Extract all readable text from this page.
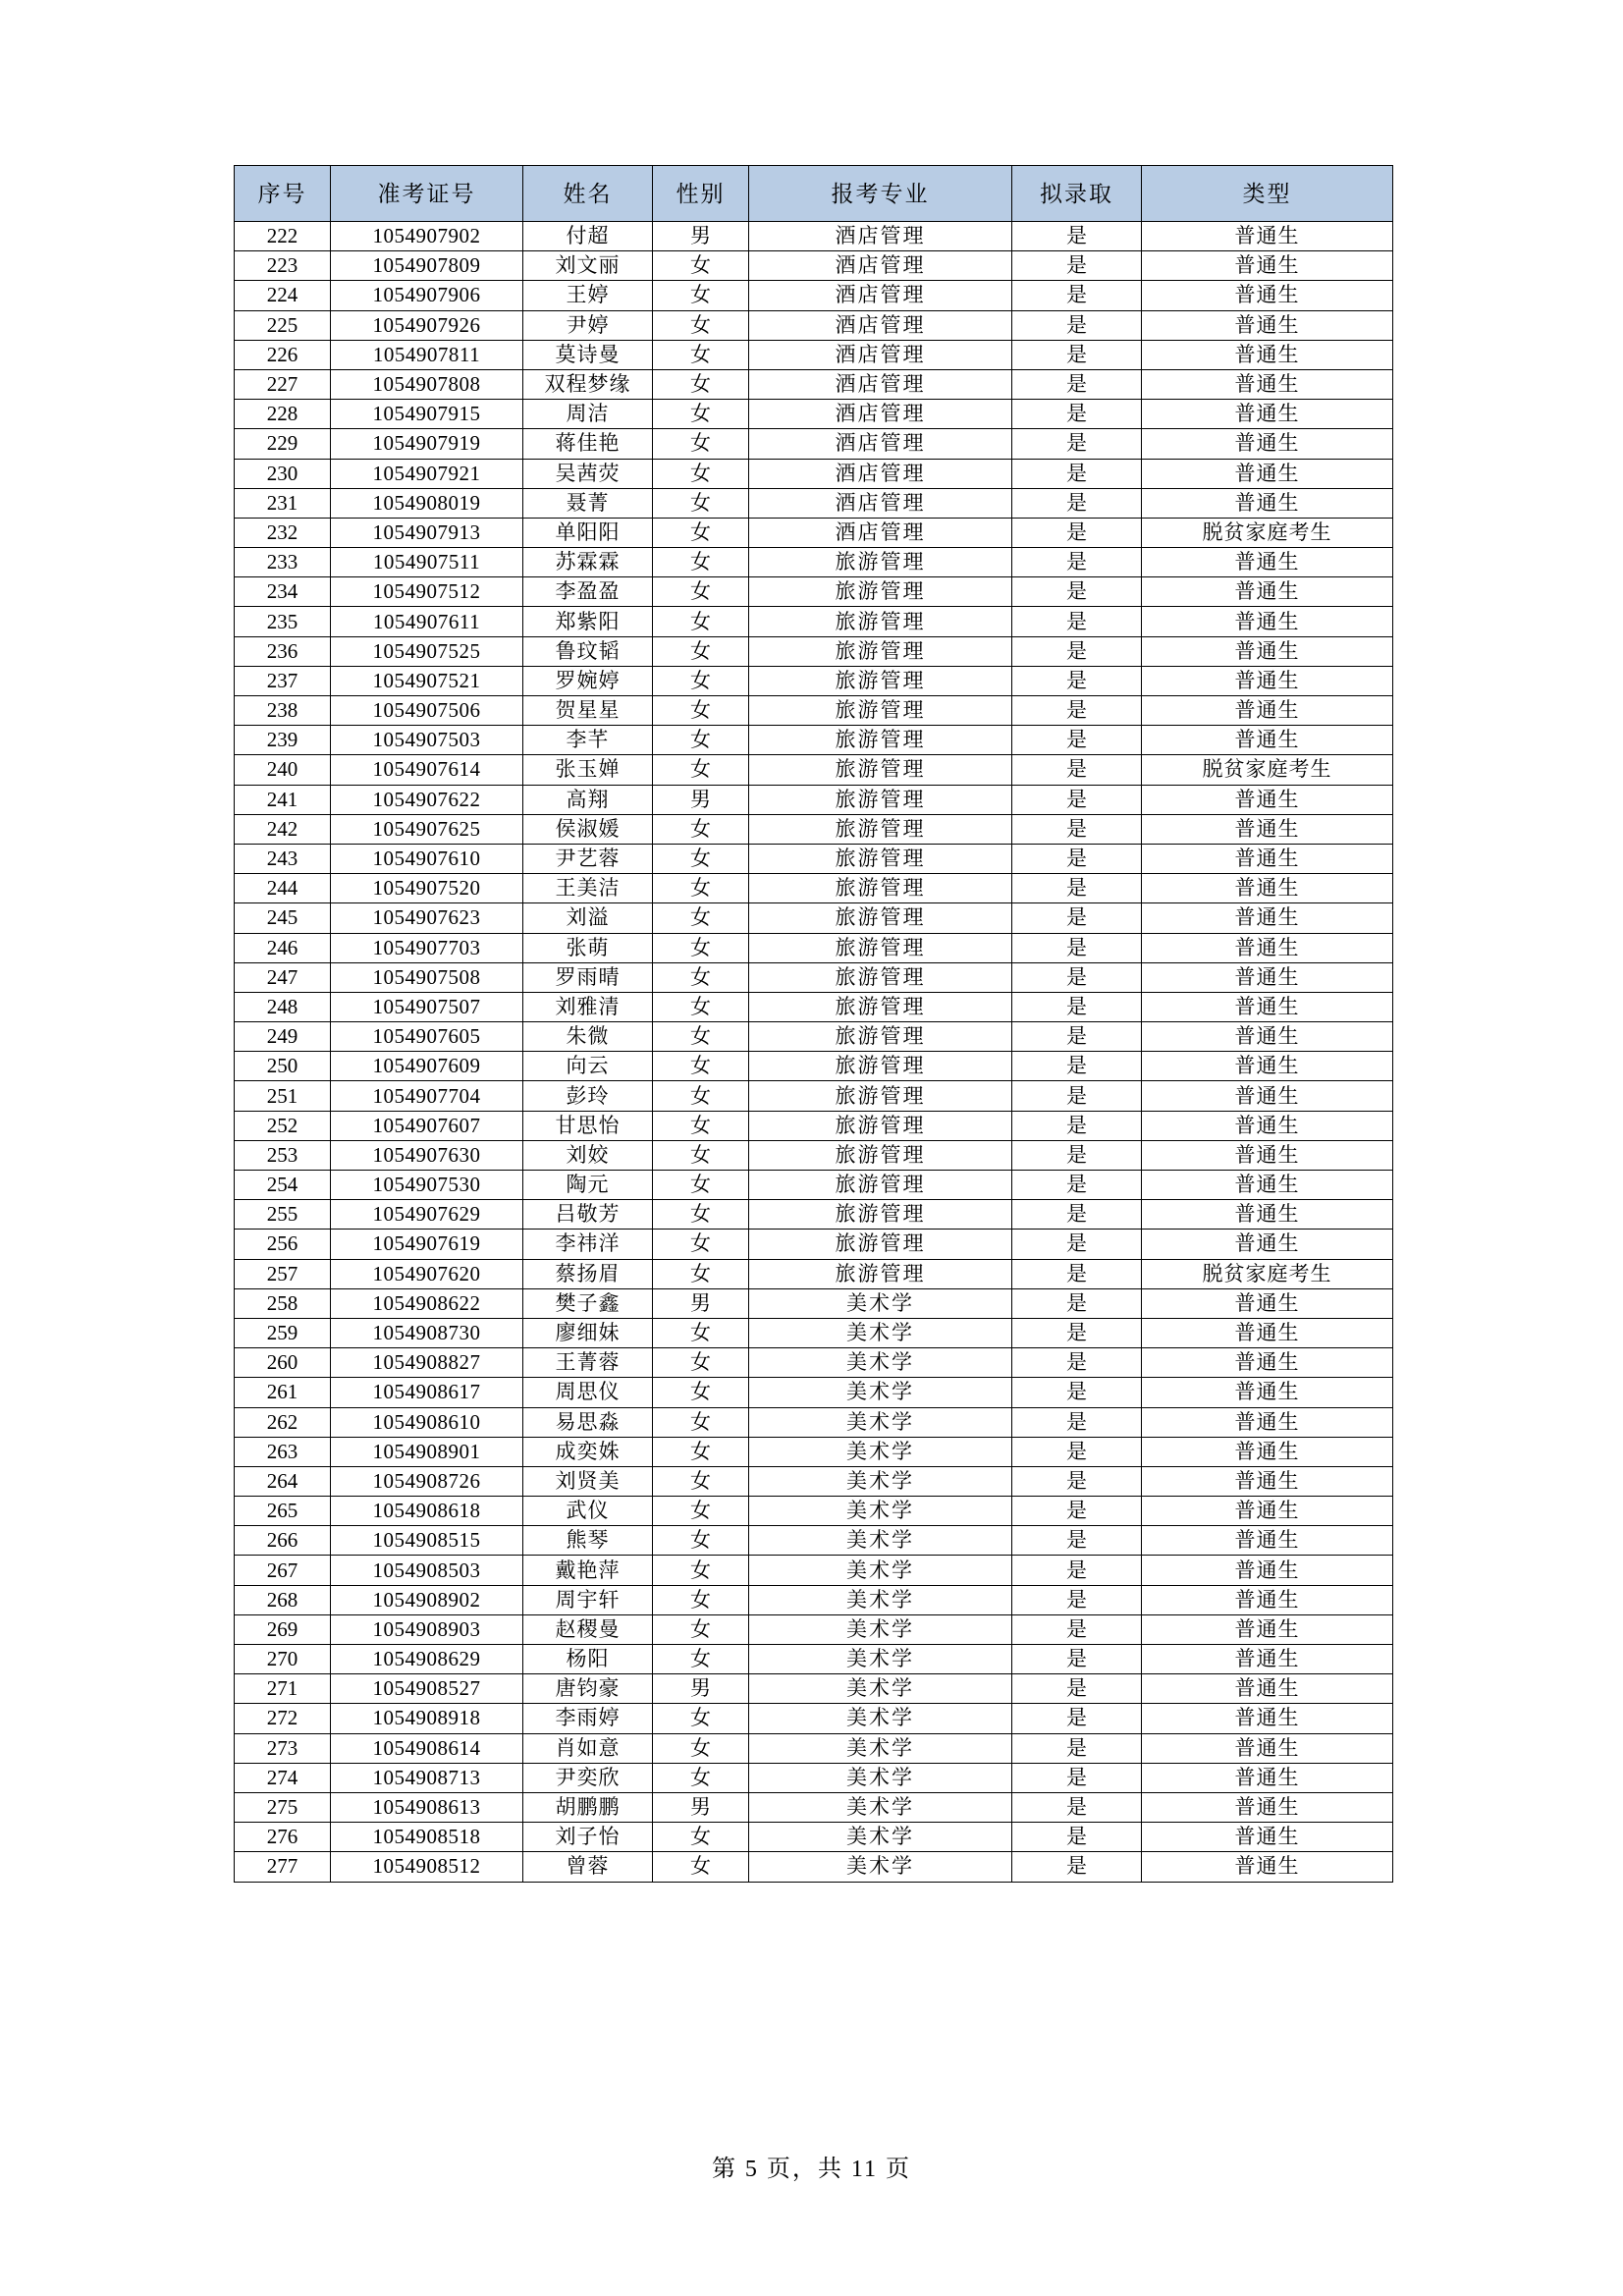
序号	准考证号	姓名	性别	报考专业	拟录取	类型
222	1054907902	付超	男	酒店管理	是	普通生
223	1054907809	刘文丽	女	酒店管理	是	普通生
224	1054907906	王婷	女	酒店管理	是	普通生
225	1054907926	尹婷	女	酒店管理	是	普通生
226	1054907811	莫诗曼	女	酒店管理	是	普通生
227	1054907808	双程梦缘	女	酒店管理	是	普通生
228	1054907915	周洁	女	酒店管理	是	普通生
229	1054907919	蒋佳艳	女	酒店管理	是	普通生
230	1054907921	吴茜荧	女	酒店管理	是	普通生
231	1054908019	聂菁	女	酒店管理	是	普通生
232	1054907913	单阳阳	女	酒店管理	是	脱贫家庭考生
233	1054907511	苏霖霖	女	旅游管理	是	普通生
234	1054907512	李盈盈	女	旅游管理	是	普通生
235	1054907611	郑紫阳	女	旅游管理	是	普通生
236	1054907525	鲁玟韬	女	旅游管理	是	普通生
237	1054907521	罗婉婷	女	旅游管理	是	普通生
238	1054907506	贺星星	女	旅游管理	是	普通生
239	1054907503	李芊	女	旅游管理	是	普通生
240	1054907614	张玉婵	女	旅游管理	是	脱贫家庭考生
241	1054907622	高翔	男	旅游管理	是	普通生
242	1054907625	侯淑媛	女	旅游管理	是	普通生
243	1054907610	尹艺蓉	女	旅游管理	是	普通生
244	1054907520	王美洁	女	旅游管理	是	普通生
245	1054907623	刘溢	女	旅游管理	是	普通生
246	1054907703	张萌	女	旅游管理	是	普通生
247	1054907508	罗雨晴	女	旅游管理	是	普通生
248	1054907507	刘雅清	女	旅游管理	是	普通生
249	1054907605	朱微	女	旅游管理	是	普通生
250	1054907609	向云	女	旅游管理	是	普通生
251	1054907704	彭玲	女	旅游管理	是	普通生
252	1054907607	甘思怡	女	旅游管理	是	普通生
253	1054907630	刘姣	女	旅游管理	是	普通生
254	1054907530	陶元	女	旅游管理	是	普通生
255	1054907629	吕敬芳	女	旅游管理	是	普通生
256	1054907619	李祎洋	女	旅游管理	是	普通生
257	1054907620	蔡扬眉	女	旅游管理	是	脱贫家庭考生
258	1054908622	樊子鑫	男	美术学	是	普通生
259	1054908730	廖细妹	女	美术学	是	普通生
260	1054908827	王菁蓉	女	美术学	是	普通生
261	1054908617	周思仪	女	美术学	是	普通生
262	1054908610	易思淼	女	美术学	是	普通生
263	1054908901	成奕姝	女	美术学	是	普通生
264	1054908726	刘贤美	女	美术学	是	普通生
265	1054908618	武仪	女	美术学	是	普通生
266	1054908515	熊琴	女	美术学	是	普通生
267	1054908503	戴艳萍	女	美术学	是	普通生
268	1054908902	周宇轩	女	美术学	是	普通生
269	1054908903	赵稷曼	女	美术学	是	普通生
270	1054908629	杨阳	女	美术学	是	普通生
271	1054908527	唐钧豪	男	美术学	是	普通生
272	1054908918	李雨婷	女	美术学	是	普通生
273	1054908614	肖如意	女	美术学	是	普通生
274	1054908713	尹奕欣	女	美术学	是	普通生
275	1054908613	胡鹏鹏	男	美术学	是	普通生
276	1054908518	刘子怡	女	美术学	是	普通生
277	1054908512	曾蓉	女	美术学	是	普通生
第 5 页，共 11 页
